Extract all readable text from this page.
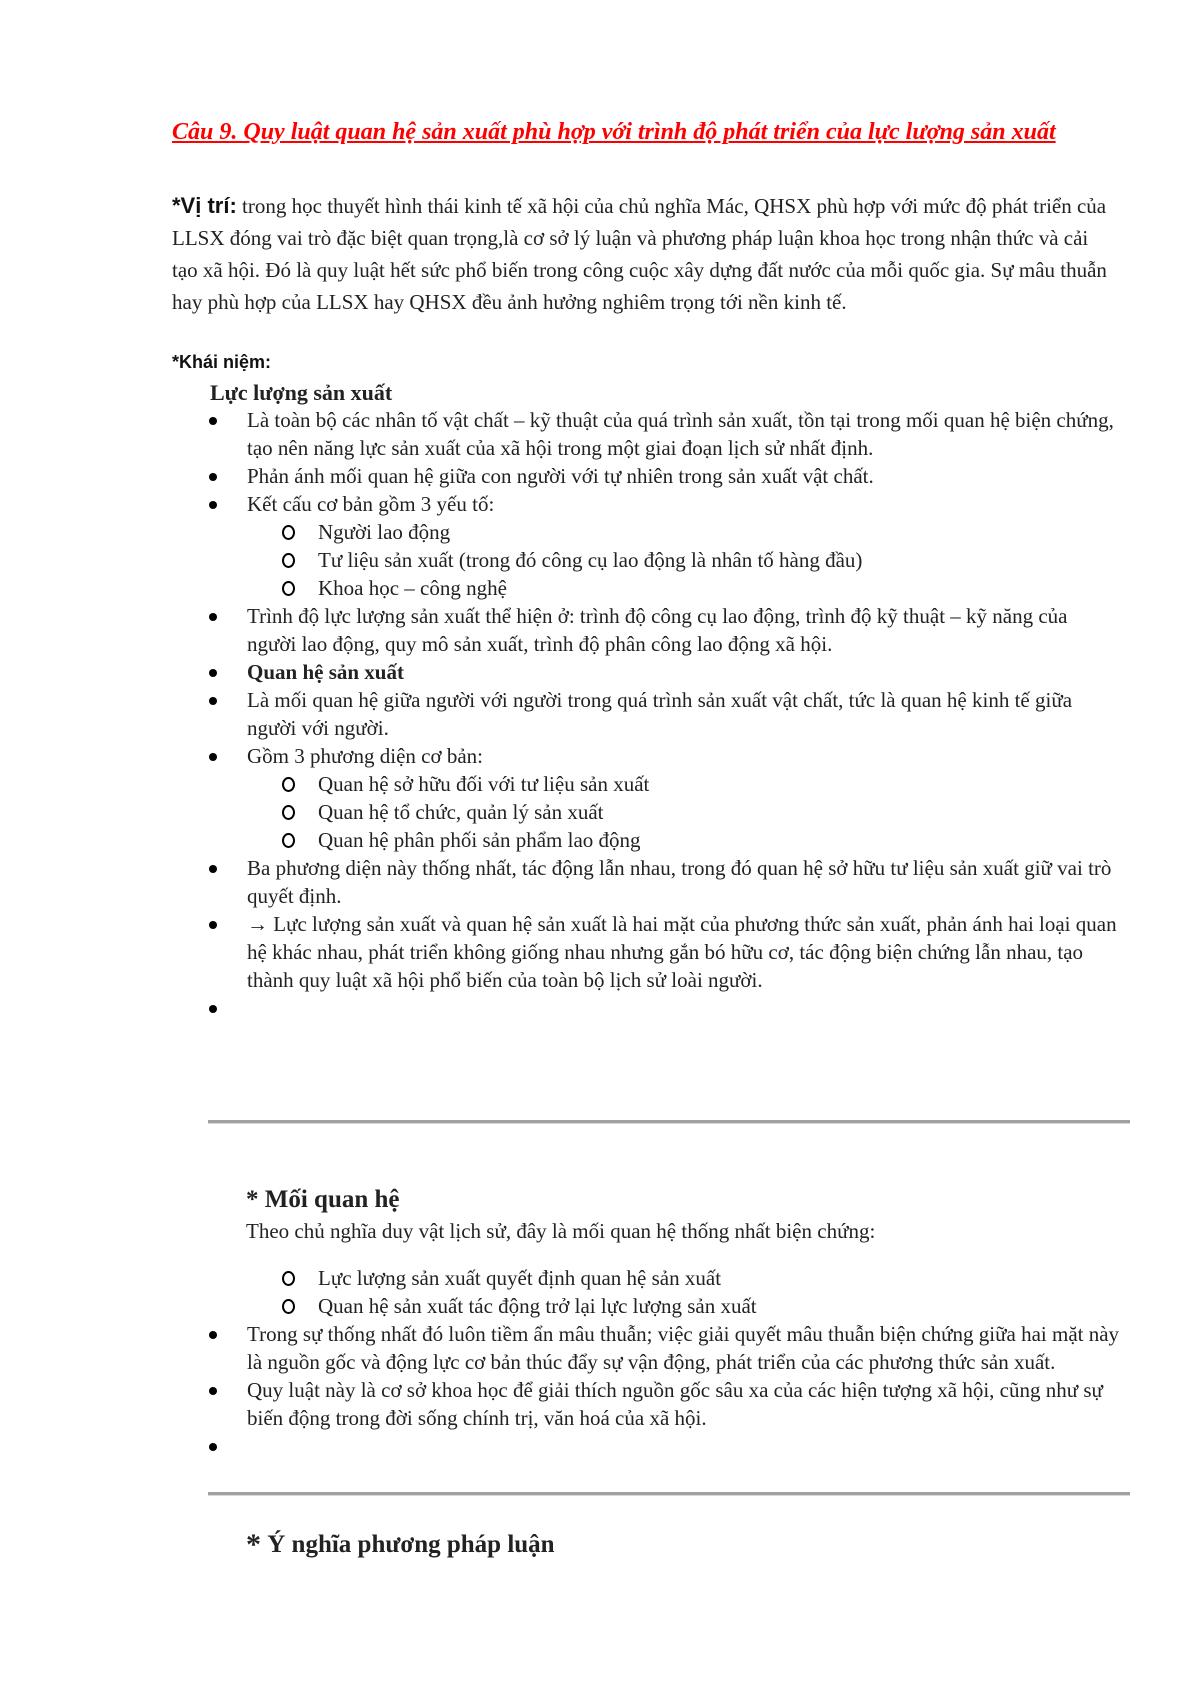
Câu 9. Quy luật quan hệ sản xuất phù hợp với trình độ phát triển của lực lượng sản xuất

*Vị trí: trong học thuyết hình thái kinh tế xã hội của chủ nghĩa Mác, QHSX phù hợp với mức độ phát triển của LLSX đóng vai trò đặc biệt quan trọng,là cơ sở lý luận và phương pháp luận khoa học trong nhận thức và cải tạo xã hội. Đó là quy luật hết sức phổ biến trong công cuộc xây dựng đất nước của mỗi quốc gia. Sự mâu thuẫn hay phù hợp của LLSX hay QHSX đều ảnh hưởng nghiêm trọng tới nền kinh tế.

*Khái niệm:

Lực lượng sản xuất

Là toàn bộ các nhân tố vật chất – kỹ thuật của quá trình sản xuất, tồn tại trong mối quan hệ biện chứng, tạo nên năng lực sản xuất của xã hội trong một giai đoạn lịch sử nhất định.
Phản ánh mối quan hệ giữa con người với tự nhiên trong sản xuất vật chất.
Kết cấu cơ bản gồm 3 yếu tố:
Người lao động
Tư liệu sản xuất (trong đó công cụ lao động là nhân tố hàng đầu)
Khoa học – công nghệ
Trình độ lực lượng sản xuất thể hiện ở: trình độ công cụ lao động, trình độ kỹ thuật – kỹ năng của người lao động, quy mô sản xuất, trình độ phân công lao động xã hội.
Quan hệ sản xuất
Là mối quan hệ giữa người với người trong quá trình sản xuất vật chất, tức là quan hệ kinh tế giữa người với người.
Gồm 3 phương diện cơ bản:
Quan hệ sở hữu đối với tư liệu sản xuất
Quan hệ tổ chức, quản lý sản xuất
Quan hệ phân phối sản phẩm lao động
Ba phương diện này thống nhất, tác động lẫn nhau, trong đó quan hệ sở hữu tư liệu sản xuất giữ vai trò quyết định.
→ Lực lượng sản xuất và quan hệ sản xuất là hai mặt của phương thức sản xuất, phản ánh hai loại quan hệ khác nhau, phát triển không giống nhau nhưng gắn bó hữu cơ, tác động biện chứng lẫn nhau, tạo thành quy luật xã hội phổ biến của toàn bộ lịch sử loài người.

* Mối quan hệ

Theo chủ nghĩa duy vật lịch sử, đây là mối quan hệ thống nhất biện chứng:

Lực lượng sản xuất quyết định quan hệ sản xuất
Quan hệ sản xuất tác động trở lại lực lượng sản xuất
Trong sự thống nhất đó luôn tiềm ẩn mâu thuẫn; việc giải quyết mâu thuẫn biện chứng giữa hai mặt này là nguồn gốc và động lực cơ bản thúc đẩy sự vận động, phát triển của các phương thức sản xuất.
Quy luật này là cơ sở khoa học để giải thích nguồn gốc sâu xa của các hiện tượng xã hội, cũng như sự biến động trong đời sống chính trị, văn hoá của xã hội.

* Ý nghĩa phương pháp luận
